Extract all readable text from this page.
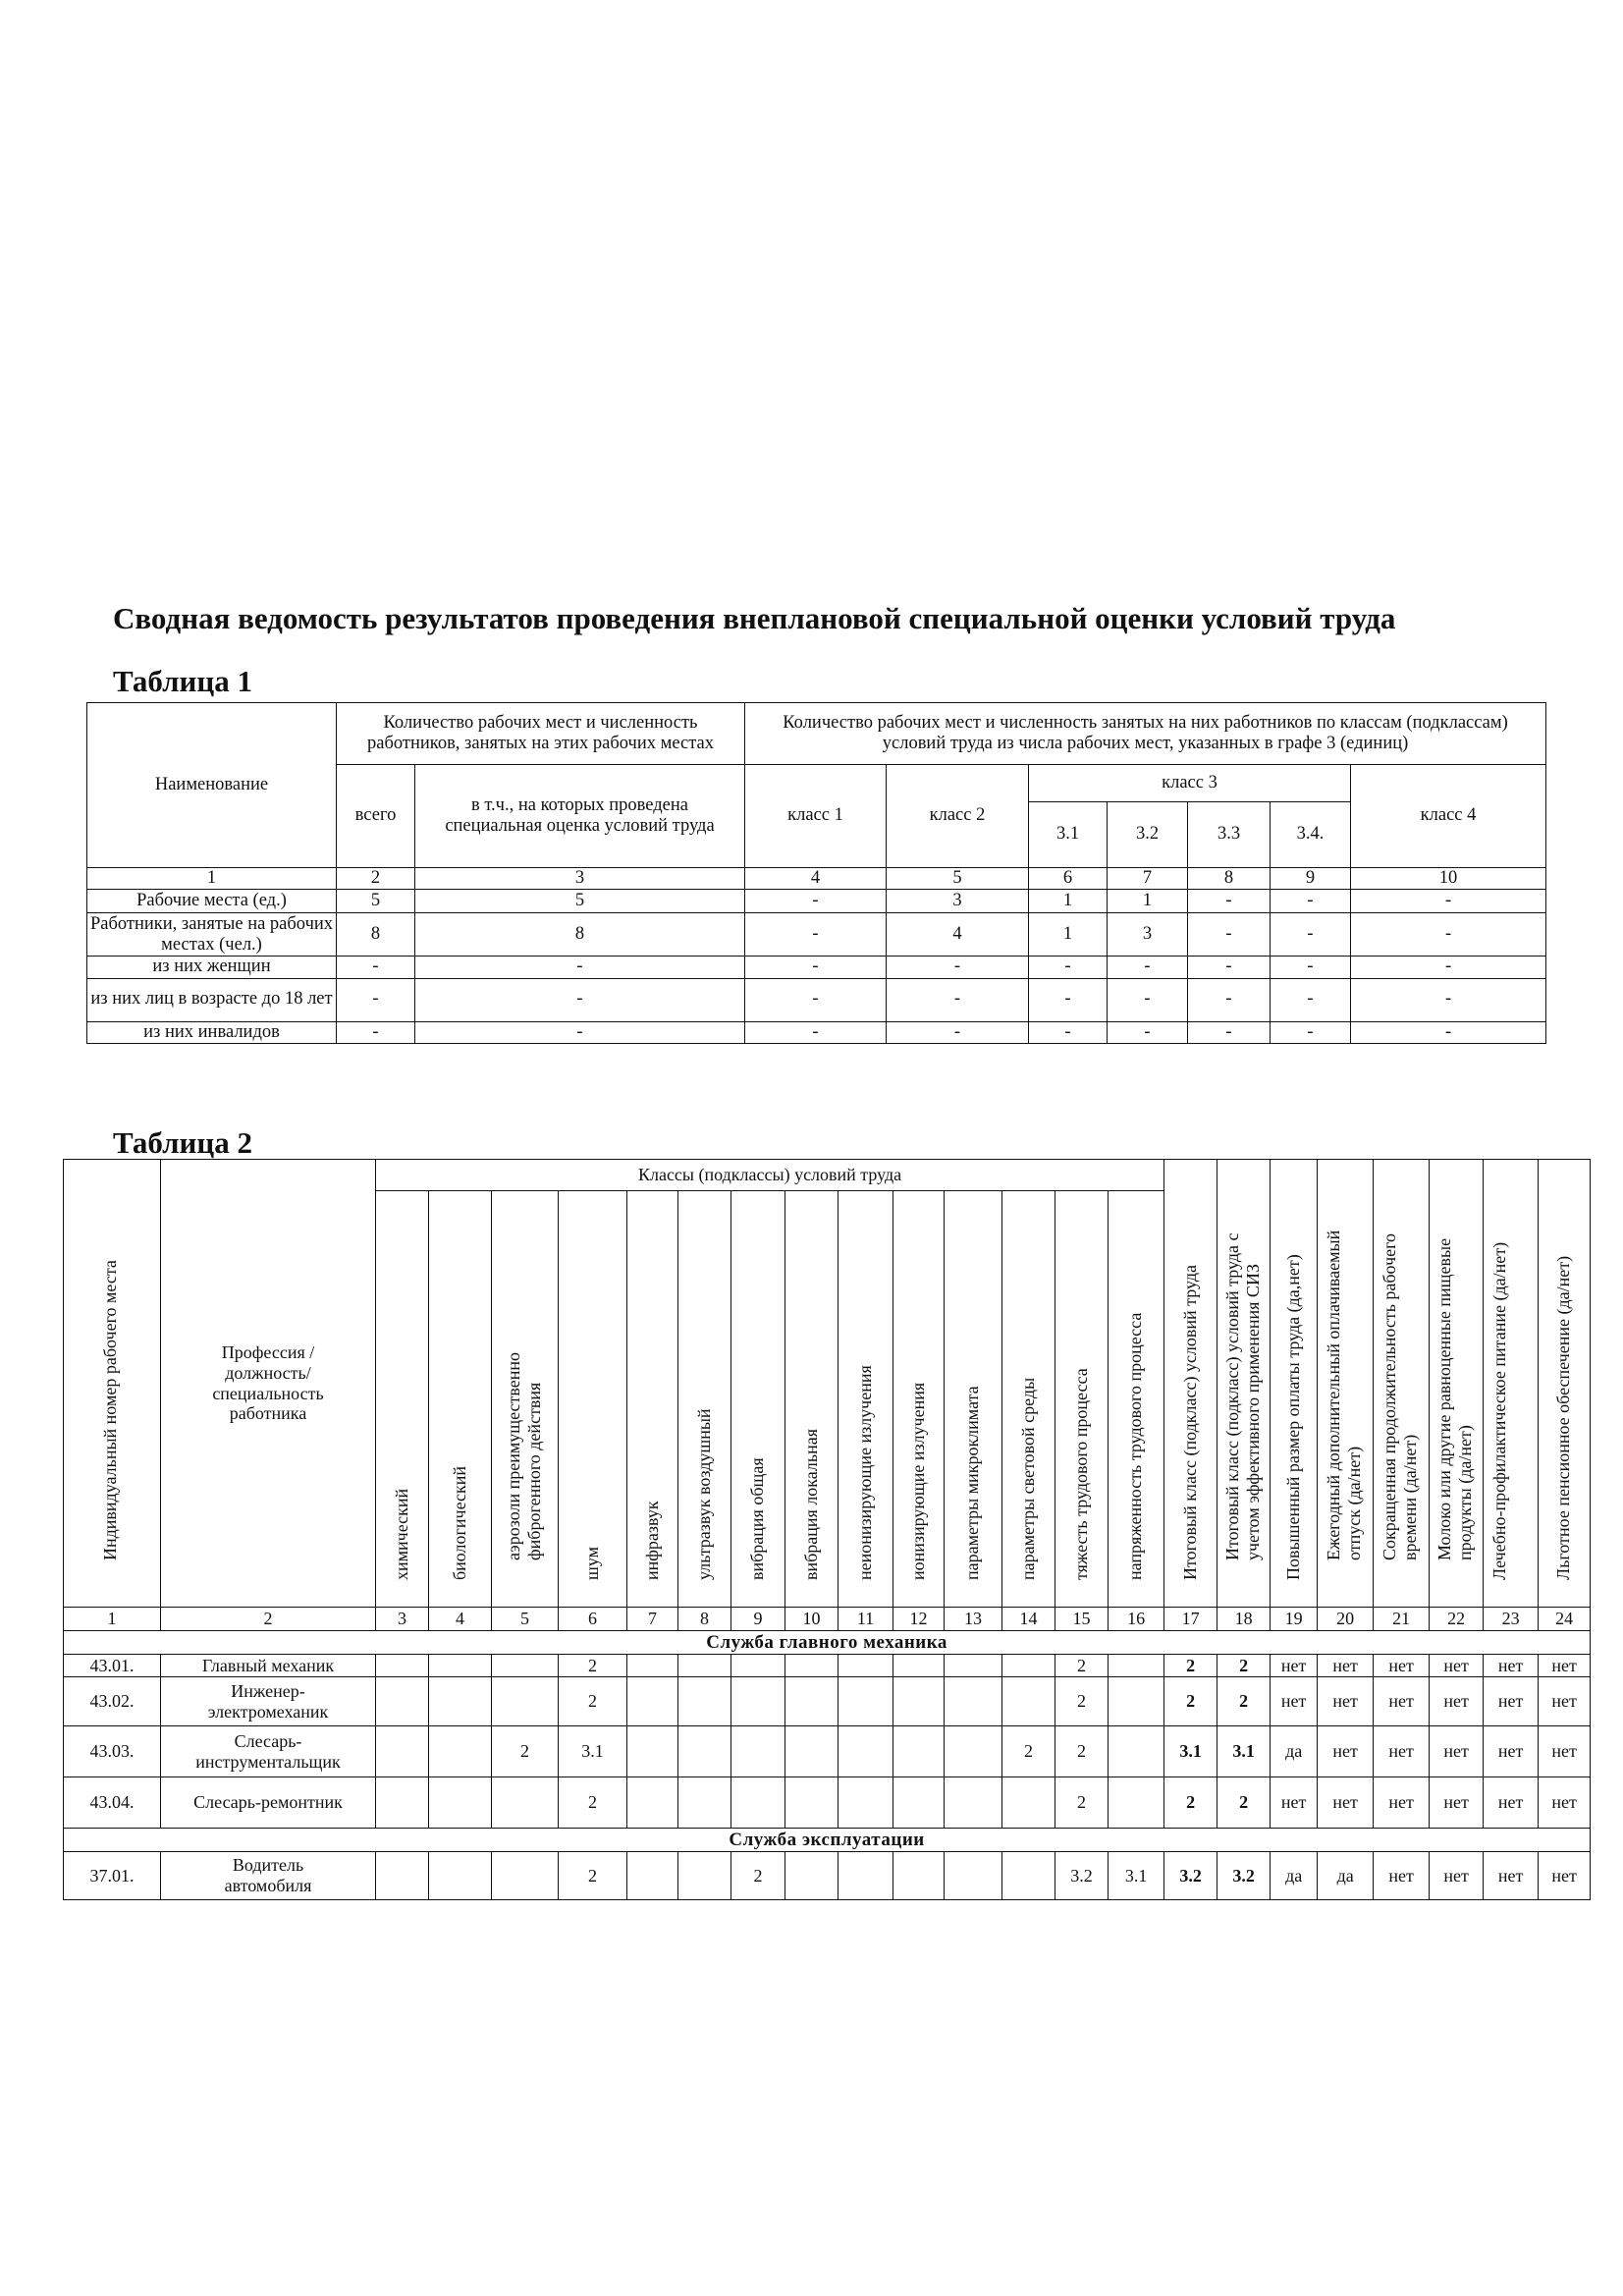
Сводная ведомость результатов проведения внеплановой специальной оценки условий труда
Таблица 1
Наименование	Количество рабочих мест и численность работников, занятых на этих рабочих местах		Количество рабочих мест и численность занятых на них работников по классам (подклассам) условий труда из числа рабочих мест, указанных в графе 3 (единиц)						
	всего	в т.ч., на которых проведена специальная оценка условий труда	класс 1	класс 2	класс 3				класс 4
					3.1	3.2	3.3	3.4.	
1	2	3	4	5	6	7	8	9	10
Рабочие места (ед.)	5	5	-	3	1	1	-	-	-
Работники, занятые на рабочих местах (чел.)	8	8	-	4	1	3	-	-	-
из них женщин	-	-	-	-	-	-	-	-	-
из них лиц в возрасте до 18 лет	-	-	-	-	-	-	-	-	-
из них инвалидов	-	-	-	-	-	-	-	-	-
Таблица 2
Индивидуальный номер рабочего места	Профессия / должность/ специальность работника	Классы (подклассы) условий труда														Итоговый класс (подкласс) условий труда	Итоговый класс (подкласс) условий труда с учетом эффективного применения СИЗ	Повышенный размер оплаты труда (да,нет)	Ежегодный дополнительный оплачиваемый отпуск (да/нет)	Сокращенная продолжительность рабочего времени (да/нет)	Молоко или другие равноценные пищевые продукты (да/нет)	Лечебно-профилактическое питание (да/нет)	Льготное пенсионное обеспечение (да/нет)

		химический	биологический	аэрозоли преимущественно фиброгенного действия	шум	инфразвук	ультразвук воздушный	вибрация общая	вибрация локальная	неионизирующие излучения	ионизирующие излучения	параметры микроклимата	параметры световой среды	тяжесть трудового процесса	напряженность трудового процесса								

1	2	3	4	5	6	7	8	9	10	11	12	13	14	15	16	17	18	19	20	21	22	23	24
Служба главного механика																							
43.01.	Главный механик				2									2		2	2	нет	нет	нет	нет	нет	нет
43.02.	Инженер-электромеханик				2									2		2	2	нет	нет	нет	нет	нет	нет
43.03.	Слесарь-инструментальщик			2	3.1								2	2		3.1	3.1	да	нет	нет	нет	нет	нет
43.04.	Слесарь-ремонтник				2									2		2	2	нет	нет	нет	нет	нет	нет
Служба эксплуатации																							
37.01.	Водитель автомобиля				2			2						3.2	3.1	3.2	3.2	да	да	нет	нет	нет	нет
